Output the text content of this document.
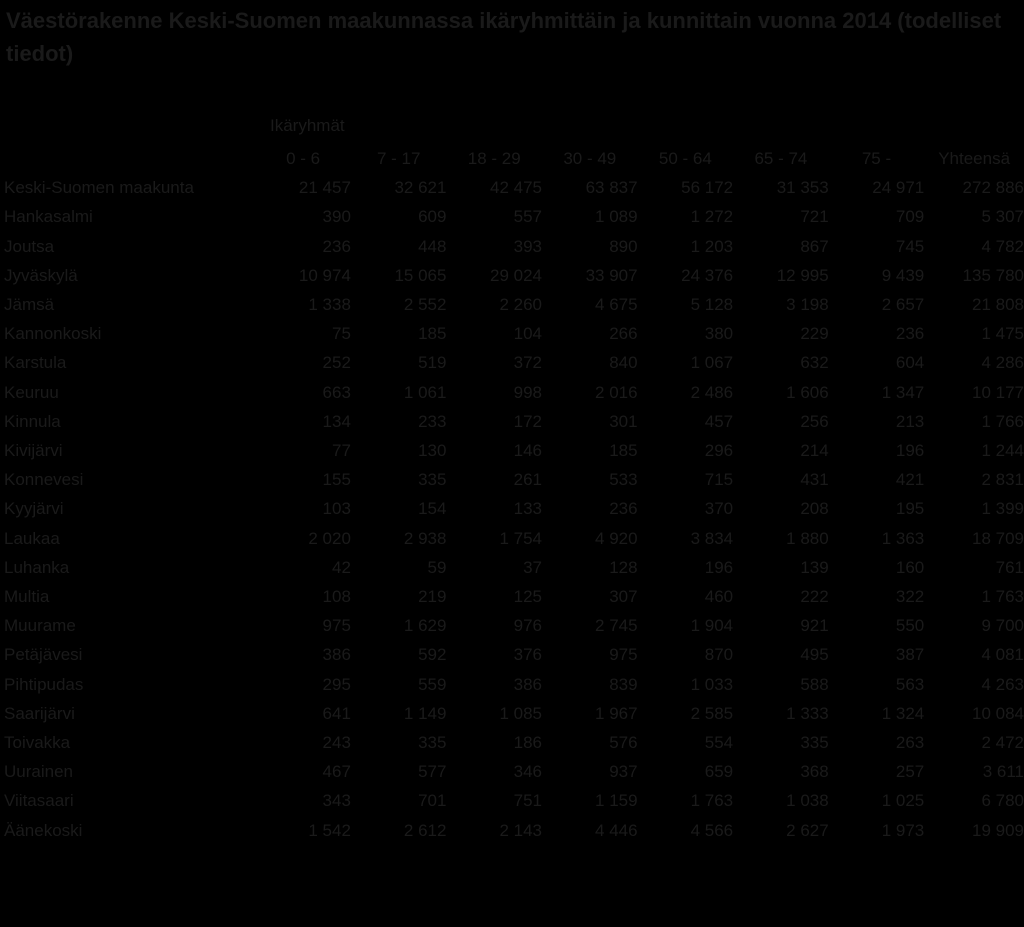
Väestörakenne Keski-Suomen maakunnassa ikäryhmittäin ja kunnittain vuonna 2014 (todelliset tiedot)
Ikäryhmät
	0 - 6	7 - 17	18 - 29	30 - 49	50 - 64	65 - 74	75 -	Yhteensä
Keski-Suomen maakunta	21 457	32 621	42 475	63 837	56 172	31 353	24 971	272 886
Hankasalmi	390	609	557	1 089	1 272	721	709	5 307
Joutsa	236	448	393	890	1 203	867	745	4 782
Jyväskylä	10 974	15 065	29 024	33 907	24 376	12 995	9 439	135 780
Jämsä	1 338	2 552	2 260	4 675	5 128	3 198	2 657	21 808
Kannonkoski	75	185	104	266	380	229	236	1 475
Karstula	252	519	372	840	1 067	632	604	4 286
Keuruu	663	1 061	998	2 016	2 486	1 606	1 347	10 177
Kinnula	134	233	172	301	457	256	213	1 766
Kivijärvi	77	130	146	185	296	214	196	1 244
Konnevesi	155	335	261	533	715	431	421	2 831
Kyyjärvi	103	154	133	236	370	208	195	1 399
Laukaa	2 020	2 938	1 754	4 920	3 834	1 880	1 363	18 709
Luhanka	42	59	37	128	196	139	160	761
Multia	108	219	125	307	460	222	322	1 763
Muurame	975	1 629	976	2 745	1 904	921	550	9 700
Petäjävesi	386	592	376	975	870	495	387	4 081
Pihtipudas	295	559	386	839	1 033	588	563	4 263
Saarijärvi	641	1 149	1 085	1 967	2 585	1 333	1 324	10 084
Toivakka	243	335	186	576	554	335	263	2 472
Uurainen	467	577	346	937	659	368	257	3 611
Viitasaari	343	701	751	1 159	1 763	1 038	1 025	6 780
Äänekoski	1 542	2 612	2 143	4 446	4 566	2 627	1 973	19 909
